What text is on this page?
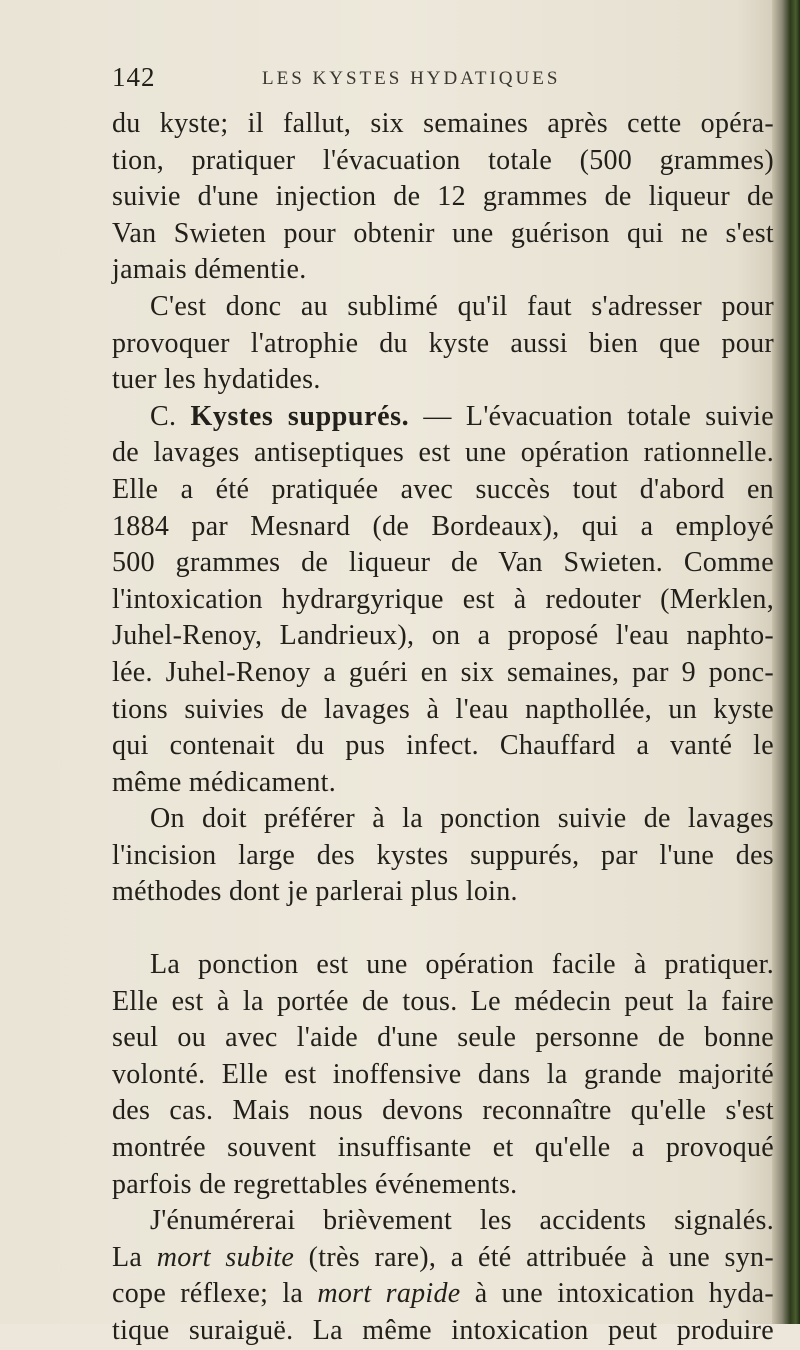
142	LES KYSTES HYDATIQUES
du kyste; il fallut, six semaines après cette opéra-
tion, pratiquer l'évacuation totale (500 grammes)
suivie d'une injection de 12 grammes de liqueur de
Van Swieten pour obtenir une guérison qui ne s'est
jamais démentie.
C'est donc au sublimé qu'il faut s'adresser pour
provoquer l'atrophie du kyste aussi bien que pour
tuer les hydatides.
C. Kystes suppurés. — L'évacuation totale suivie
de lavages antiseptiques est une opération rationnelle.
Elle a été pratiquée avec succès tout d'abord en
1884 par Mesnard (de Bordeaux), qui a employé
500 grammes de liqueur de Van Swieten. Comme
l'intoxication hydrargyrique est à redouter (Merklen,
Juhel-Renoy, Landrieux), on a proposé l'eau naphto-
lée. Juhel-Renoy a guéri en six semaines, par 9 ponc-
tions suivies de lavages à l'eau napthollée, un kyste
qui contenait du pus infect. Chauffard a vanté le
même médicament.
On doit préférer à la ponction suivie de lavages
l'incision large des kystes suppurés, par l'une des
méthodes dont je parlerai plus loin.
La ponction est une opération facile à pratiquer.
Elle est à la portée de tous. Le médecin peut la faire
seul ou avec l'aide d'une seule personne de bonne
volonté. Elle est inoffensive dans la grande majorité
des cas. Mais nous devons reconnaître qu'elle s'est
montrée souvent insuffisante et qu'elle a provoqué
parfois de regrettables événements.
J'énumérerai brièvement les accidents signalés.
La mort subite (très rare), a été attribuée à une syn-
cope réflexe; la mort rapide à une intoxication hyda-
tique suraiguë. La même intoxication peut produire
